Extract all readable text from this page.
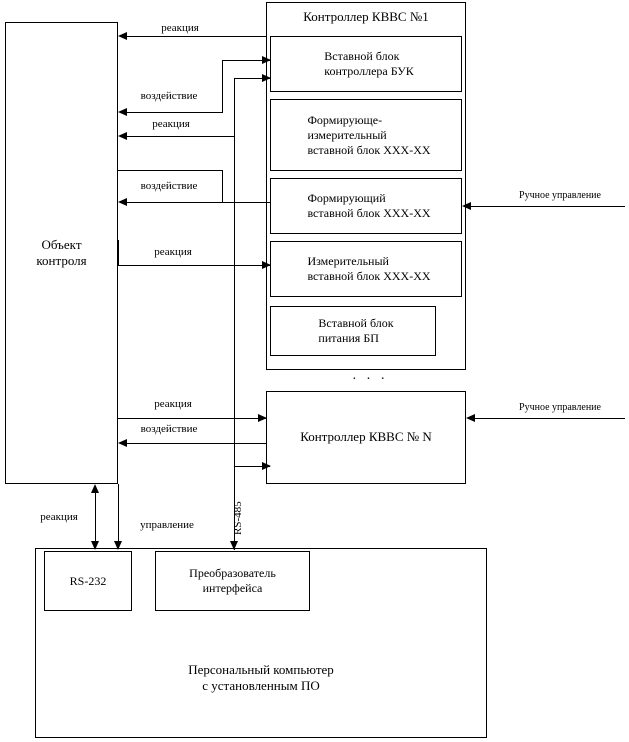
Объект
контроля
Контроллер КВВС №1
Вставной блок
контроллера БУК
Формирующе-
измерительный
вставной блок ХХХ-ХХ
Формирующий
вставной блок ХХХ-ХХ
Измерительный
вставной блок ХХХ-ХХ
Вставной блок
питания БП
· · ·
Контроллер КВВС № N
Персональный компьютер
с установленным ПО
RS-232
Преобразователь
интерфейса
реакция
воздействие
реакция
воздействие
реакция
реакция
воздействие
Ручное управление
Ручное управление
RS-485
реакция
управление
